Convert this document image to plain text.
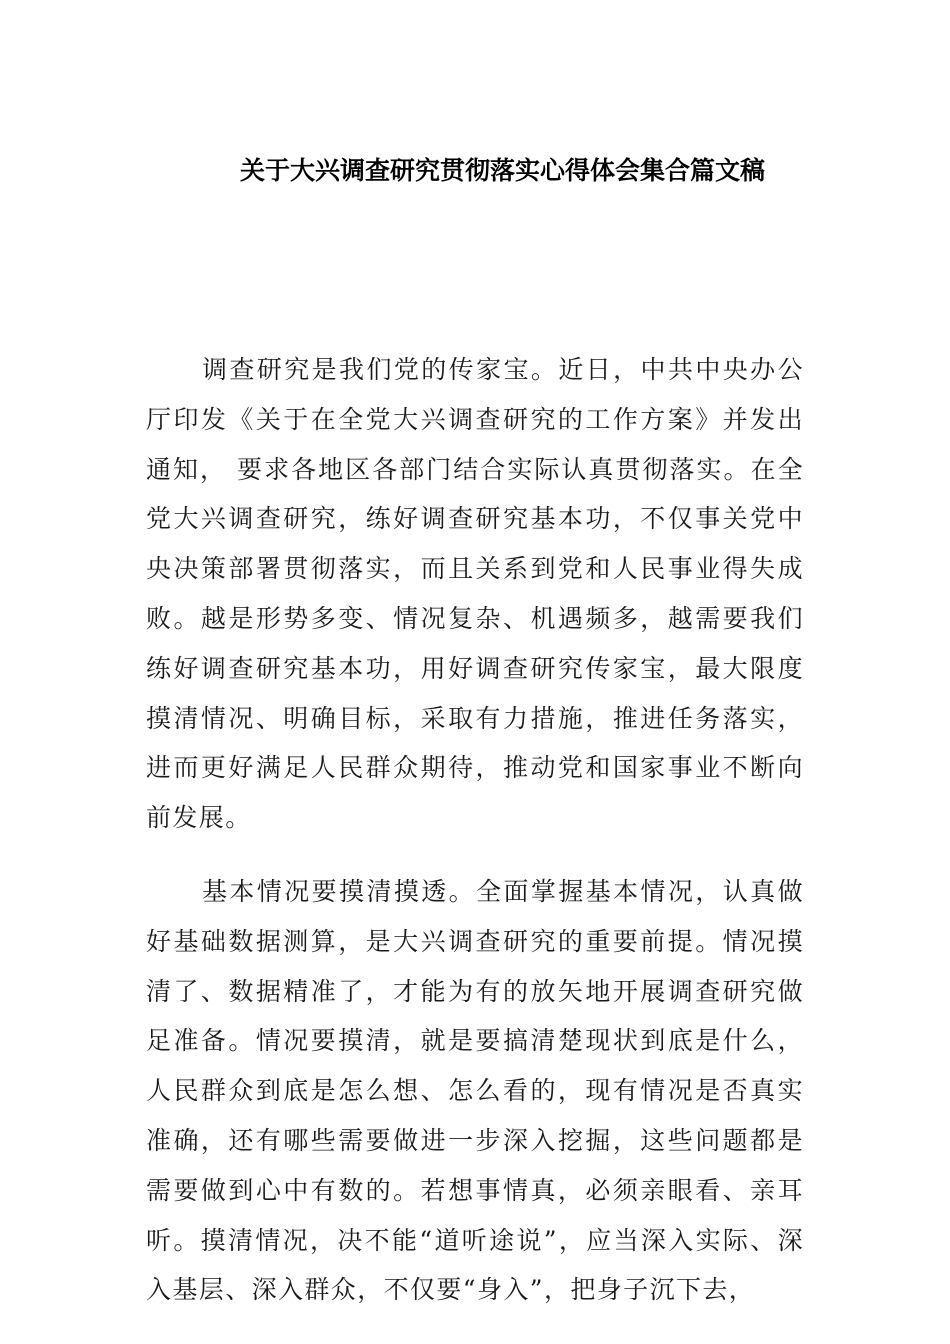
关于大兴调查研究贯彻落实心得体会集合篇文稿

调查研究是我们党的传家宝。近日，中共中央办公厅印发《关于在全党大兴调查研究的工作方案》并发出通知， 要求各地区各部门结合实际认真贯彻落实。在全党大兴调查研究，练好调查研究基本功，不仅事关党中央决策部署贯彻落实，而且关系到党和人民事业得失成败。越是形势多变、情况复杂、机遇频多，越需要我们练好调查研究基本功，用好调查研究传家宝，最大限度摸清情况、明确目标，采取有力措施，推进任务落实，进而更好满足人民群众期待，推动党和国家事业不断向前发展。

基本情况要摸清摸透。全面掌握基本情况，认真做好基础数据测算，是大兴调查研究的重要前提。情况摸清了、数据精准了，才能为有的放矢地开展调查研究做足准备。情况要摸清，就是要搞清楚现状到底是什么，人民群众到底是怎么想、怎么看的，现有情况是否真实准确，还有哪些需要做进一步深入挖掘，这些问题都是需要做到心中有数的。若想事情真，必须亲眼看、亲耳听。摸清情况，决不能“道听途说”，应当深入实际、深入基层、深入群众，不仅要“身入”，把身子沉下去，
